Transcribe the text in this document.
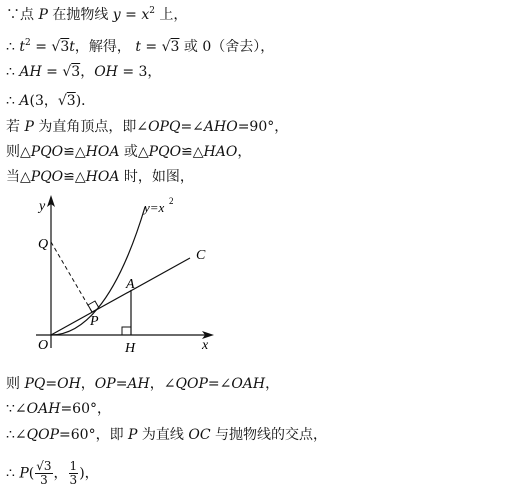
∵点 P 在抛物线 $y = x^2$ 上，
∴ $t^2 = √3t$，解得， t = √3 或 0（舍去），
∴ AH = √3，OH = 3，
∴ A(3，√3)．
若 P 为直角顶点，即∠OPQ=∠AHO=90°，
则△PQO≌△HOA 或△PQO≌△HAO，
当△PQO≌△HOA 时，如图，
y
x
O
Q
P
A
H
C
y=x 2
则 PQ=OH，OP=AH，∠QOP=∠OAH，
∵∠OAH=60°，
∴∠QOP=60°，即 P 为直线 OC 与抛物线的交点，
∴ $P( \frac{√3}{3}$ ， $\frac{1}{3}$ )，
